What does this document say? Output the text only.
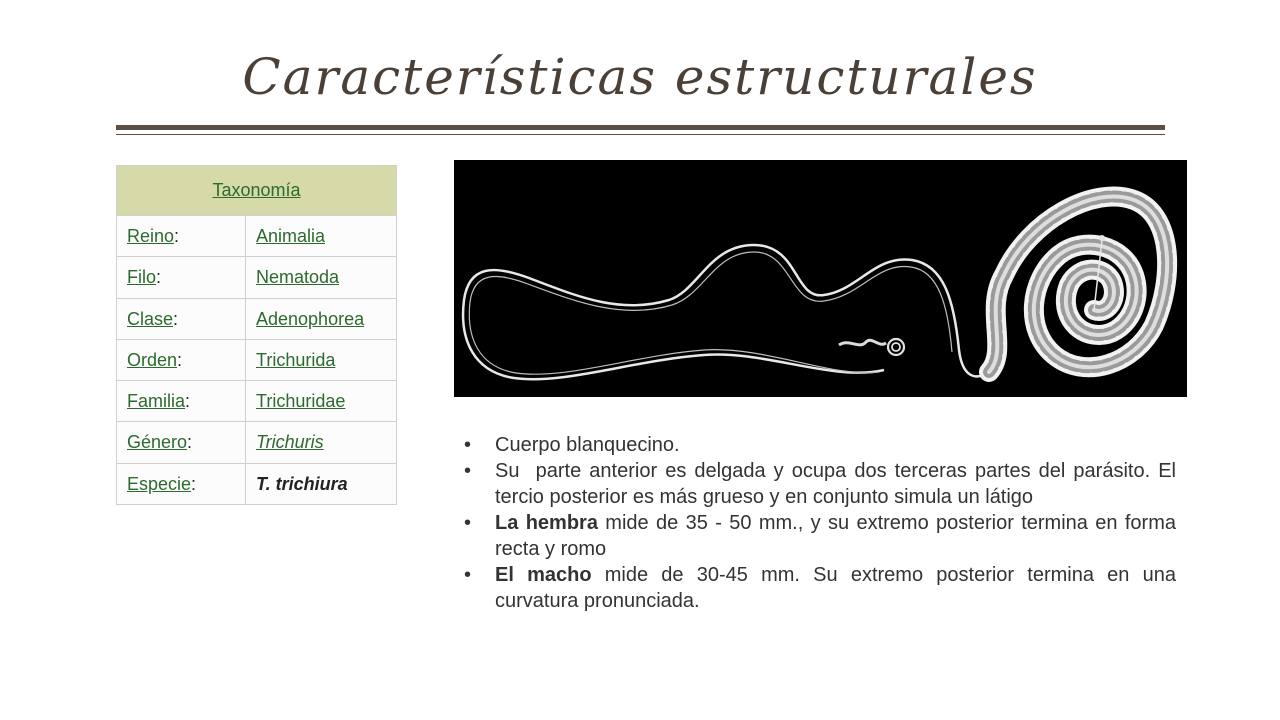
Características estructurales
Taxonomía	
Reino:	Animalia
Filo:	Nematoda
Clase:	Adenophorea
Orden:	Trichurida
Familia:	Trichuridae
Género:	Trichuris
Especie:	T. trichiura
• Cuerpo blanquecino.
• Su  parte anterior es delgada y ocupa dos terceras partes del parásito. El tercio posterior es más grueso y en conjunto simula un látigo
• La hembra mide de 35 - 50 mm., y su extremo posterior termina en forma recta y romo
• El macho mide de 30-45 mm. Su extremo posterior termina en una curvatura pronunciada.
